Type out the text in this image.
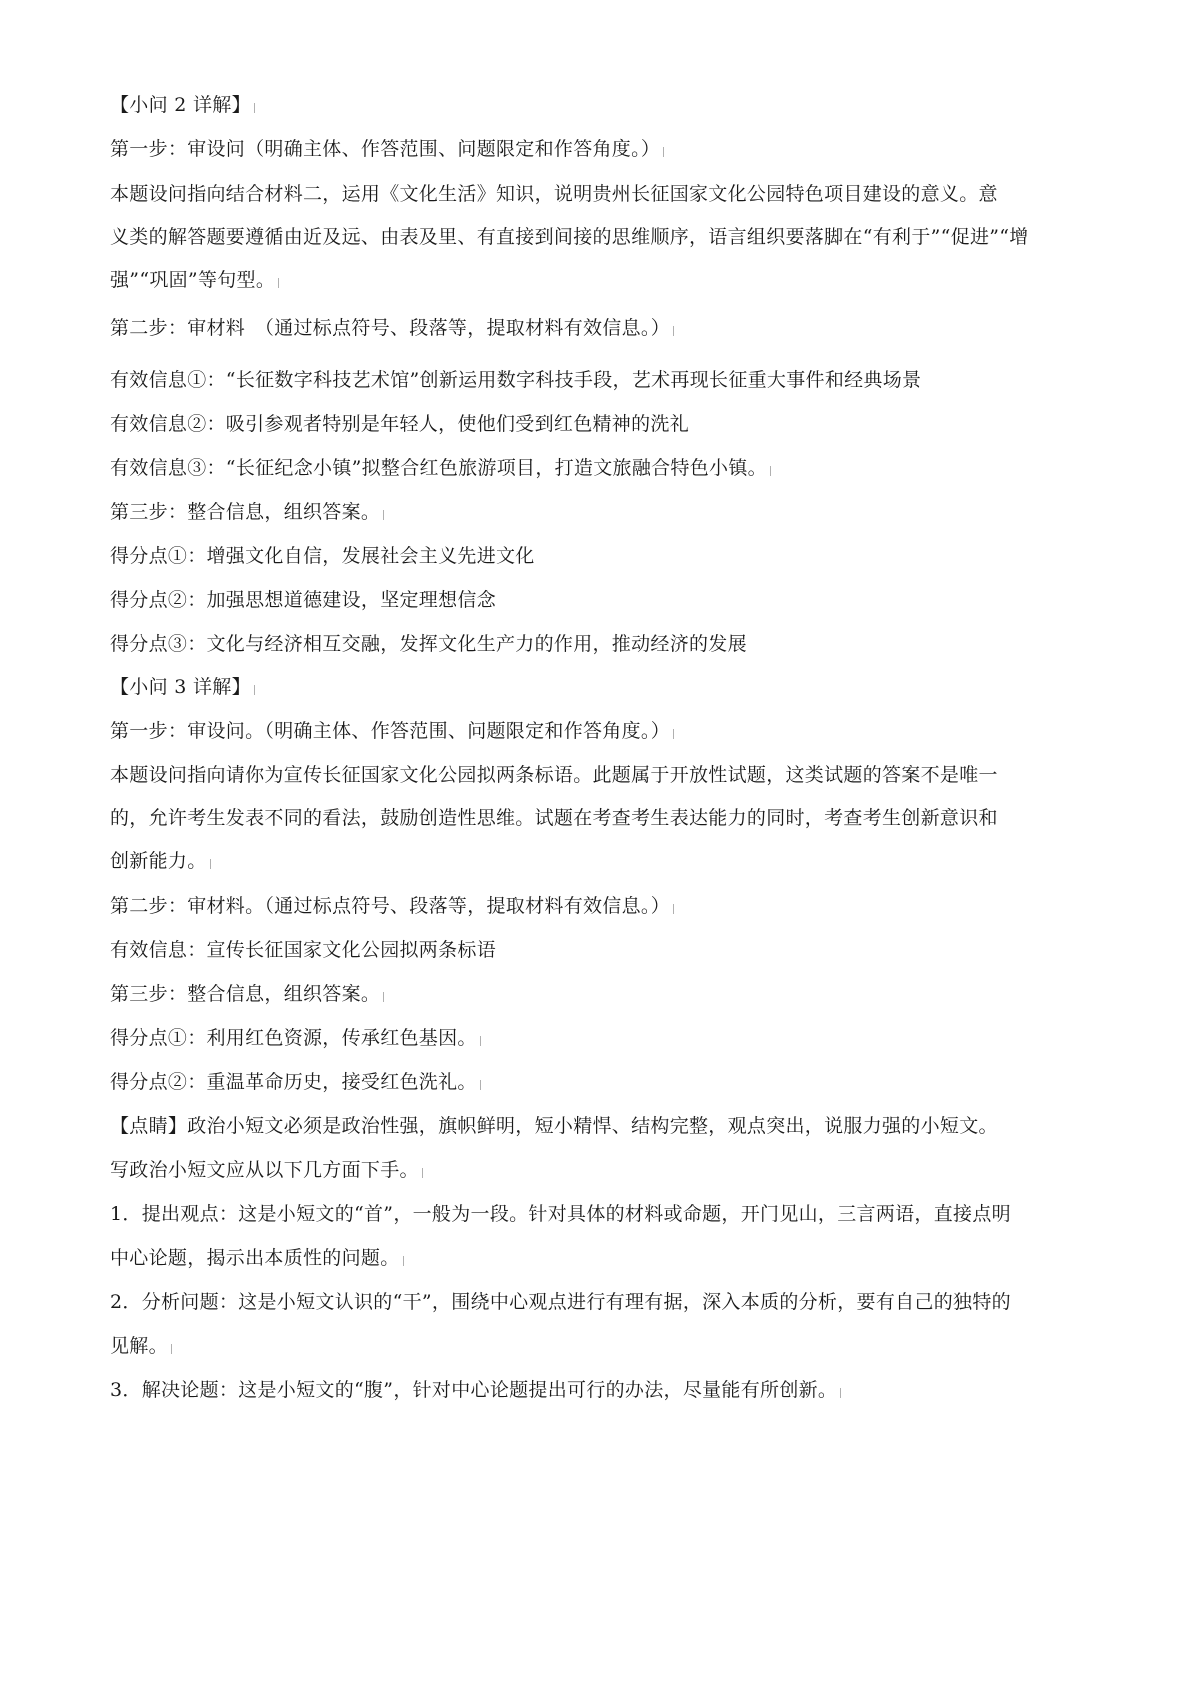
【小问 2 详解】
第一步：审设问（明确主体、作答范围、问题限定和作答角度。）
本题设问指向结合材料二，运用《文化生活》知识，说明贵州长征国家文化公园特色项目建设的意义。意
义类的解答题要遵循由近及远、由表及里、有直接到间接的思维顺序，语言组织要落脚在“有利于”“促进”“增
强”“巩固”等句型。
第二步：审材料　（通过标点符号、段落等，提取材料有效信息。）
有效信息①：“长征数字科技艺术馆”创新运用数字科技手段，艺术再现长征重大事件和经典场景
有效信息②：吸引参观者特别是年轻人，使他们受到红色精神的洗礼
有效信息③：“长征纪念小镇”拟整合红色旅游项目，打造文旅融合特色小镇。
第三步：整合信息，组织答案。
得分点①：增强文化自信，发展社会主义先进文化
得分点②：加强思想道德建设，坚定理想信念
得分点③：文化与经济相互交融，发挥文化生产力的作用，推动经济的发展
【小问 3 详解】
第一步：审设问。（明确主体、作答范围、问题限定和作答角度。）
本题设问指向请你为宣传长征国家文化公园拟两条标语。此题属于开放性试题，这类试题的答案不是唯一
的，允许考生发表不同的看法，鼓励创造性思维。试题在考查考生表达能力的同时，考查考生创新意识和
创新能力。
第二步：审材料。（通过标点符号、段落等，提取材料有效信息。）
有效信息：宣传长征国家文化公园拟两条标语
第三步：整合信息，组织答案。
得分点①：利用红色资源，传承红色基因。
得分点②：重温革命历史，接受红色洗礼。
【点睛】政治小短文必须是政治性强，旗帜鲜明，短小精悍、结构完整，观点突出，说服力强的小短文。
写政治小短文应从以下几方面下手。
1．提出观点：这是小短文的“首”，一般为一段。针对具体的材料或命题，开门见山，三言两语，直接点明
中心论题，揭示出本质性的问题。
2．分析问题：这是小短文认识的“干”，围绕中心观点进行有理有据，深入本质的分析，要有自己的独特的
见解。
3．解决论题：这是小短文的“腹”，针对中心论题提出可行的办法，尽量能有所创新。
